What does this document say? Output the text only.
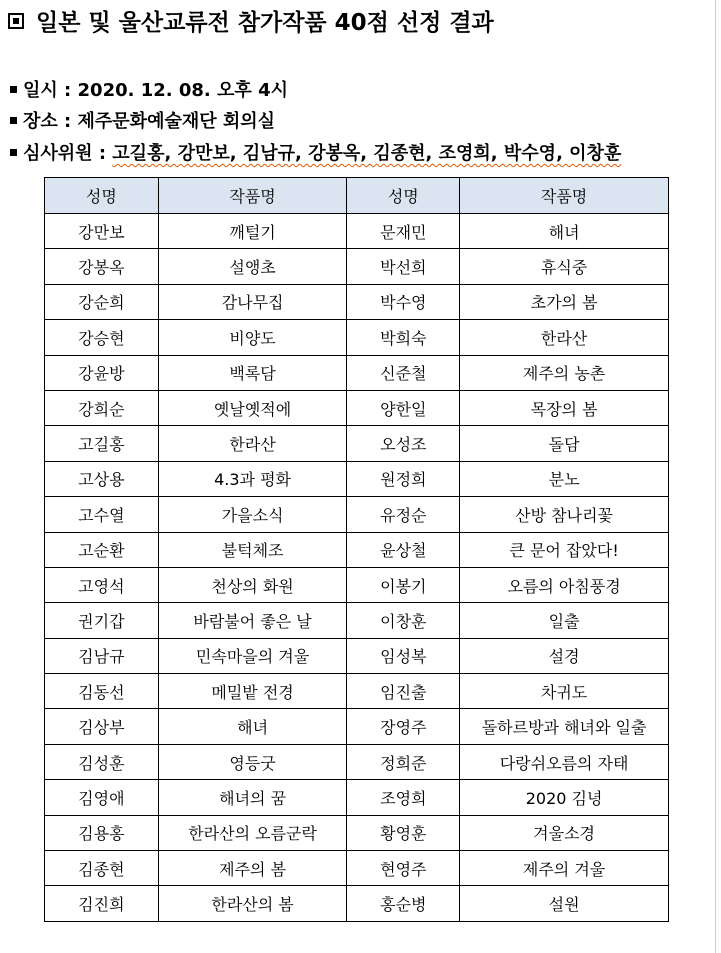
일본 및 울산교류전 참가작품 40점 선정 결과
일시 : 2020. 12. 08. 오후 4시
장소 : 제주문화예술재단 회의실
심사위원 : 고길홍, 강만보, 김남규, 강봉옥, 김종현, 조영희, 박수영, 이창훈
성명	작품명	성명	작품명
강만보	깨털기	문재민	해녀
강봉옥	설앵초	박선희	휴식중
강순희	감나무집	박수영	초가의 봄
강승현	비양도	박희숙	한라산
강윤방	백록담	신준철	제주의 농촌
강희순	옛날옛적에	양한일	목장의 봄
고길홍	한라산	오성조	돌담
고상용	4.3과 평화	원정희	분노
고수열	가을소식	유정순	산방 참나리꽃
고순환	불턱체조	윤상철	큰 문어 잡았다!
고영석	천상의 화원	이봉기	오름의 아침풍경
권기갑	바람불어 좋은 날	이창훈	일출
김남규	민속마을의 겨울	임성복	설경
김동선	메밀밭 전경	임진출	차귀도
김상부	해녀	장영주	돌하르방과 해녀와 일출
김성훈	영등굿	정희준	다랑쉬오름의 자태
김영애	해녀의 꿈	조영희	2020 김녕
김용홍	한라산의 오름군락	황영훈	겨울소경
김종현	제주의 봄	현영주	제주의 겨울
김진희	한라산의 봄	홍순병	설원
